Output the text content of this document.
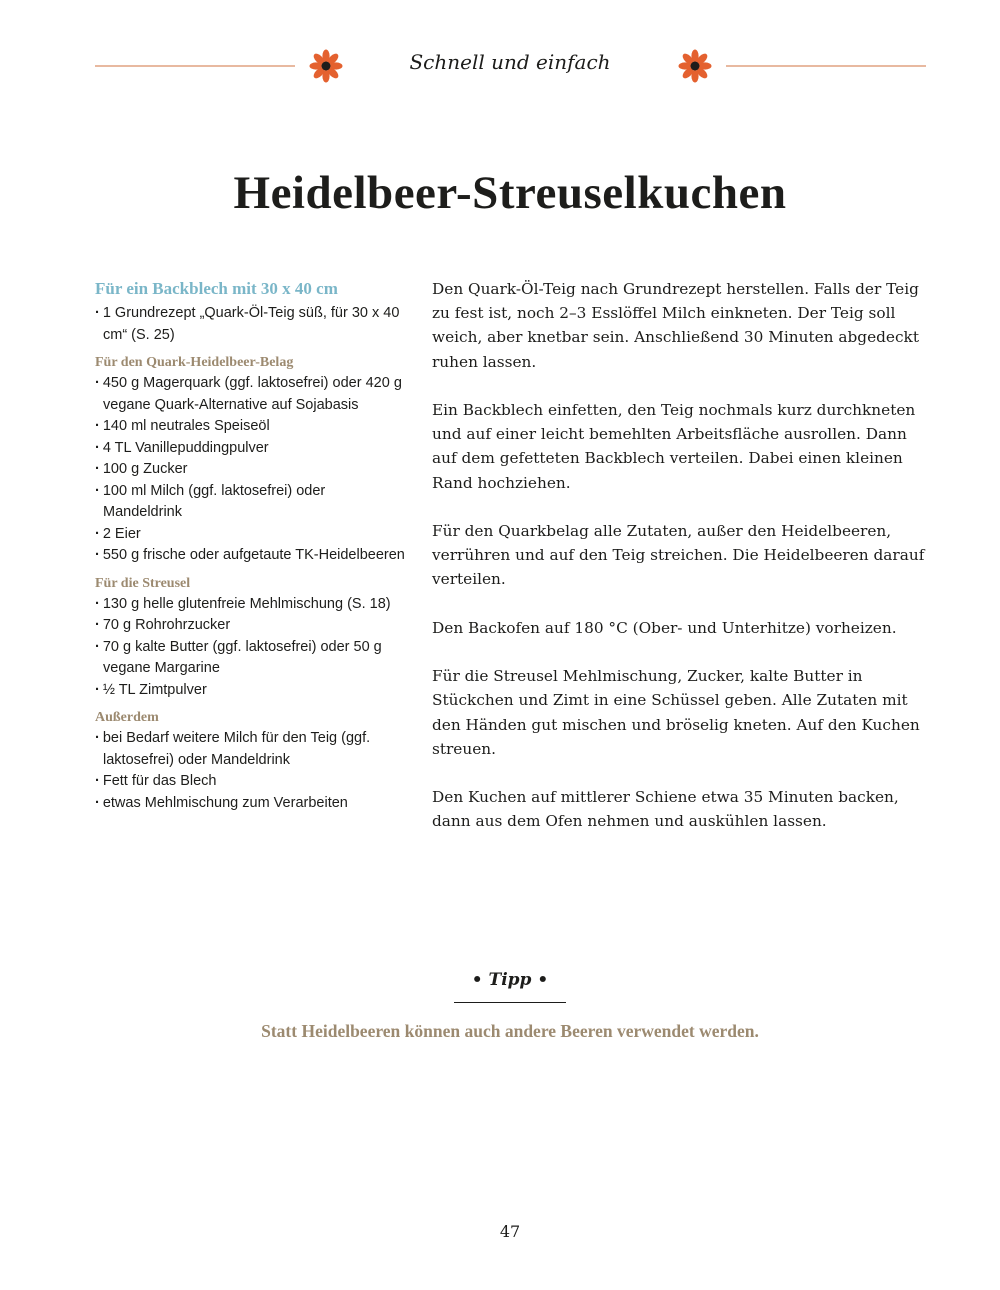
Schnell und einfach
Heidelbeer-Streuselkuchen
Für ein Backblech mit 30 x 40 cm
· 1 Grundrezept „Quark-Öl-Teig süß, für 30 x 40 cm“ (S. 25)
Für den Quark-Heidelbeer-Belag
· 450 g Magerquark (ggf. laktosefrei) oder 420 g vegane Quark-Alternative auf Sojabasis
· 140 ml neutrales Speiseöl
· 4 TL Vanillepuddingpulver
· 100 g Zucker
· 100 ml Milch (ggf. laktosefrei) oder Mandeldrink
· 2 Eier
· 550 g frische oder aufgetaute TK-Heidelbeeren
Für die Streusel
· 130 g helle glutenfreie Mehlmischung (S. 18)
· 70 g Rohrohrzucker
· 70 g kalte Butter (ggf. laktosefrei) oder 50 g vegane Margarine
· ½ TL Zimtpulver
Außerdem
· bei Bedarf weitere Milch für den Teig (ggf. laktosefrei) oder Mandeldrink
· Fett für das Blech
· etwas Mehlmischung zum Verarbeiten

Den Quark-Öl-Teig nach Grundrezept herstellen. Falls der Teig zu fest ist, noch 2–3 Esslöffel Milch einkneten. Der Teig soll weich, aber knetbar sein. Anschließend 30 Minuten abgedeckt ruhen lassen.

Ein Backblech einfetten, den Teig nochmals kurz durchkneten und auf einer leicht bemehlten Arbeitsfläche ausrollen. Dann auf dem gefetteten Backblech verteilen. Dabei einen kleinen Rand hochziehen.

Für den Quarkbelag alle Zutaten, außer den Heidelbeeren, verrühren und auf den Teig streichen. Die Heidelbeeren darauf verteilen.

Den Backofen auf 180 °C (Ober- und Unterhitze) vorheizen.

Für die Streusel Mehlmischung, Zucker, kalte Butter in Stückchen und Zimt in eine Schüssel geben. Alle Zutaten mit den Händen gut mischen und bröselig kneten. Auf den Kuchen streuen.

Den Kuchen auf mittlerer Schiene etwa 35 Minuten backen, dann aus dem Ofen nehmen und auskühlen lassen.

• Tipp •
Statt Heidelbeeren können auch andere Beeren verwendet werden.
47
